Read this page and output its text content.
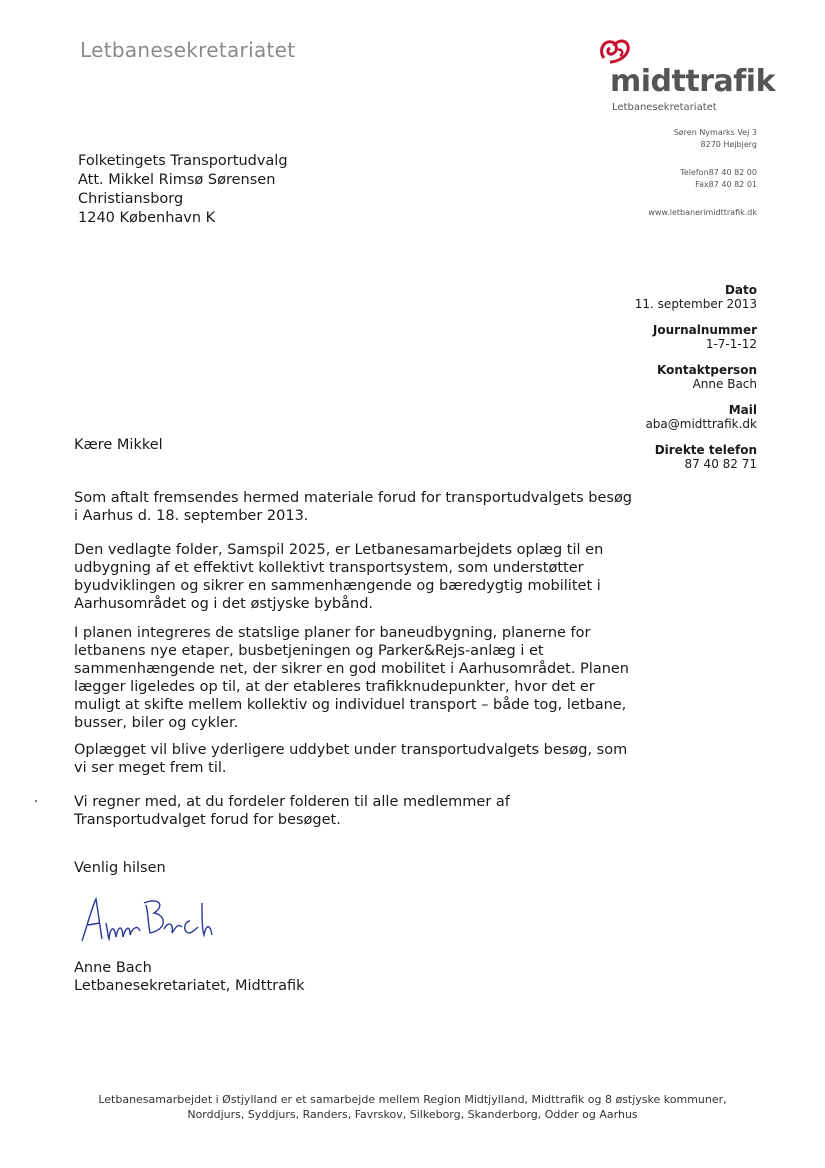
Letbanesekretariatet
midttrafik
Letbanesekretariatet
Søren Nymarks Vej 3
8270 Højbjerg
Telefon87 40 82 00
Fax87 40 82 01
www.letbanerimidttrafik.dk
Folketingets Transportudvalg
Att. Mikkel Rimsø Sørensen
Christiansborg
1240 København K
Dato
11. september 2013
Journalnummer
1-7-1-12
Kontaktperson
Anne Bach
Mail
aba@midttrafik.dk
Direkte telefon
87 40 82 71
Kære Mikkel
Som aftalt fremsendes hermed materiale forud for transportudvalgets besøg i Aarhus d. 18. september 2013.
Den vedlagte folder, Samspil 2025, er Letbanesamarbejdets oplæg til en udbygning af et effektivt kollektivt transportsystem, som understøtter byudviklingen og sikrer en sammenhængende og bæredygtig mobilitet i Aarhusområdet og i det østjyske bybånd.
I planen integreres de statslige planer for baneudbygning, planerne for letbanens nye etaper, busbetjeningen og Parker&Rejs-anlæg i et sammenhængende net, der sikrer en god mobilitet i Aarhusområdet. Planen lægger ligeledes op til, at der etableres trafikknudepunkter, hvor det er muligt at skifte mellem kollektiv og individuel transport – både tog, letbane, busser, biler og cykler.
Oplægget vil blive yderligere uddybet under transportudvalgets besøg, som vi ser meget frem til.
Vi regner med, at du fordeler folderen til alle medlemmer af Transportudvalget forud for besøget.
Venlig hilsen
Anne Bach
Letbanesekretariatet, Midttrafik
Letbanesamarbejdet i Østjylland er et samarbejde mellem Region Midtjylland, Midttrafik og 8 østjyske kommuner,
Norddjurs, Syddjurs, Randers, Favrskov, Silkeborg, Skanderborg, Odder og Aarhus
